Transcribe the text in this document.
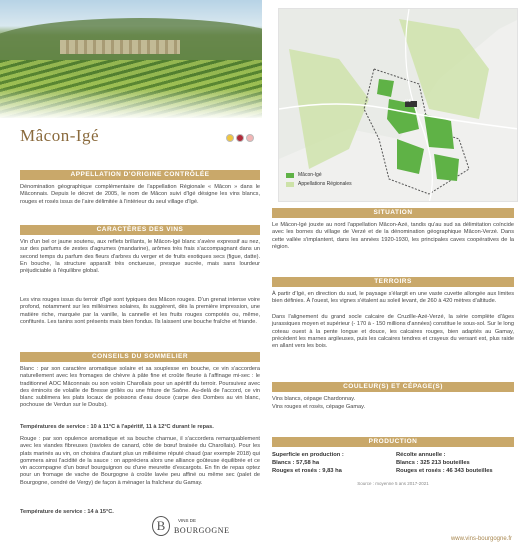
IGÉ
Mâcon-Igé
Appellations Régionales
Mâcon-Igé
APPELLATION D'ORIGINE CONTRÔLÉE
Dénomination géographique complémentaire de l'appellation Régionale « Mâcon » dans le Mâconnais. Depuis le décret de 2005, le nom de Mâcon suivi d'Igé désigne les vins blancs, rouges et rosés issus de l'aire délimitée à l'intérieur du seul village d'Igé.
CARACTÈRES DES VINS
Vin d'un bel or jaune soutenu, aux reflets brillants, le Mâcon-Igé blanc s'avère expressif au nez, sur des parfums de zestes d'agrumes (mandarine), arômes très frais s'accompagnant dans un second temps du parfum des fleurs d'arbres du verger et de fruits exotiques secs (figue, datte). En bouche, la structure apparaît très onctueuse, presque sucrée, mais sans lourdeur préjudiciable à l'équilibre global.
Les vins rouges issus du terroir d'Igé sont typiques des Mâcon rouges. D'un grenat intense voire profond, notamment sur les millésimes solaires, ils suggèrent, dès la première impression, une matière riche, marquée par la vanille, la cannelle et les fruits rouges compotés ou, même, confiturés. Les tanins sont présents mais bien fondus. Ils laissent une bouche fraîche et friande.
CONSEILS DU SOMMELIER
Blanc : par son caractère aromatique solaire et sa souplesse en bouche, ce vin s'accordera naturellement avec les fromages de chèvre à pâte fine et croûte fleurie à l'affinage mi-sec : le traditionnel AOC Mâconnais ou son voisin Charollais pour un apéritif du terroir. Poursuivez avec des émincés de volaille de Bresse grillés ou une friture de Saône. Au-delà de l'accord, ce vin blanc sublimera les plats locaux de poissons d'eau douce (carpe des Dombes au vin blanc, pochouse de Verdun sur le Doubs).
Températures de service : 10 à 11°C à l'apéritif, 11 à 12°C durant le repas.
Rouge : par son opulence aromatique et sa bouche charnue, il s'accordera remarquablement avec les viandes fibreuses (ravioles de canard, côte de bœuf braisée du Charollais). Pour les plats marinés au vin, on choisira d'autant plus un millésime réputé chaud (par exemple 2018) qui gommera ainsi l'acidité de la sauce : on appréciera alors une alliance goûteuse équilibrée et ce vin accompagne d'un bœuf bourguignon ou d'une meurette d'escargots. En fin de repas optez pour un fromage de vache de Bourgogne à croûte lavée peu affiné ou même sec (palet de Bourgogne, cendré de Vergy) de façon à ménager la fraîcheur du Gamay.
Température de service : 14 à 15°C.
B	VINS DE
BOURGOGNE
SITUATION
Le Mâcon-Igé jouxte au nord l'appellation Mâcon-Azé, tandis qu'au sud sa délimitation coïncide avec les bornes du village de Verzé et de la dénomination géographique Mâcon-Verzé. Dans cette vallée s'implantent, dans les années 1920-1930, les principales caves coopératives de la région.
TERROIRS
À partir d'Igé, en direction du sud, le paysage s'élargit en une vaste cuvette allongée aux limites bien définies. À l'ouest, les vignes s'étalent au soleil levant, de 260 à 420 mètres d'altitude.
Dans l'alignement du grand socle calcaire de Cruzille-Azé-Verzé, la série complète d'âges jurassiques moyen et supérieur (- 170 à - 150 millions d'années) constitue le sous-sol. Sur le long coteau ouest à la pente longue et douce, les calcaires rouges, bien adaptés au Gamay, précèdent les marnes argileuses, puis les calcaires tendres et crayeux du versant est, plus raide en allant vers les bois.
COULEUR(S) ET CÉPAGE(S)
Vins blancs, cépage Chardonnay.
Vins rouges et rosés, cépage Gamay.
PRODUCTION
Superficie en production :
Blancs : 57,58 ha
Rouges et rosés : 9,83 ha
Récolte annuelle :
Blancs : 325 213 bouteilles
Rouges et rosés : 46 343 bouteilles
Source : moyenne 5 ans 2017-2021
www.vins-bourgogne.fr
